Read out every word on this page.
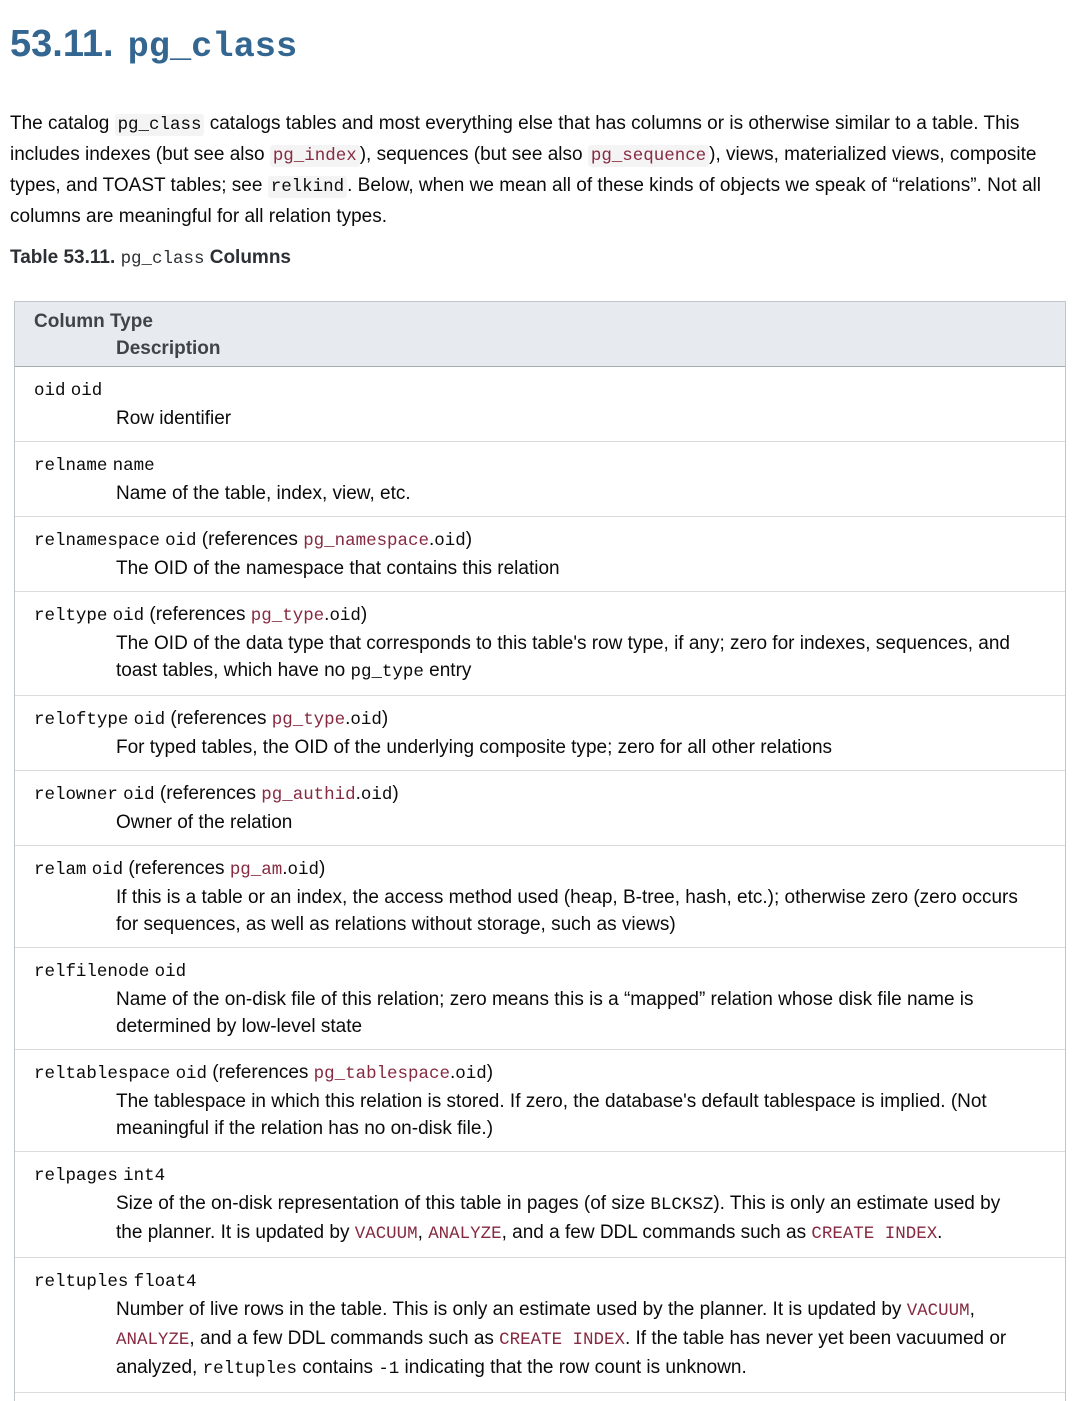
53.11. pg_class

The catalog pg_class catalogs tables and most everything else that has columns or is otherwise similar to a table. This includes indexes (but see also pg_index ), sequences (but see also pg_sequence ), views, materialized views, composite types, and TOAST tables; see relkind . Below, when we mean all of these kinds of objects we speak of “relations”. Not all columns are meaningful for all relation types.

Table 53.11. pg_class Columns

Column Type
Description
oid oid
Row identifier
relname name
Name of the table, index, view, etc.
relnamespace oid (references pg_namespace.oid)
The OID of the namespace that contains this relation
reltype oid (references pg_type.oid)
The OID of the data type that corresponds to this table's row type, if any; zero for indexes, sequences, and toast tables, which have no pg_type entry
reloftype oid (references pg_type.oid)
For typed tables, the OID of the underlying composite type; zero for all other relations
relowner oid (references pg_authid.oid)
Owner of the relation
relam oid (references pg_am.oid)
If this is a table or an index, the access method used (heap, B-tree, hash, etc.); otherwise zero (zero occurs for sequences, as well as relations without storage, such as views)
relfilenode oid
Name of the on-disk file of this relation; zero means this is a “mapped” relation whose disk file name is determined by low-level state
reltablespace oid (references pg_tablespace.oid)
The tablespace in which this relation is stored. If zero, the database's default tablespace is implied. (Not meaningful if the relation has no on-disk file.)
relpages int4
Size of the on-disk representation of this table in pages (of size BLCKSZ). This is only an estimate used by the planner. It is updated by VACUUM, ANALYZE, and a few DDL commands such as CREATE INDEX.
reltuples float4
Number of live rows in the table. This is only an estimate used by the planner. It is updated by VACUUM, ANALYZE, and a few DDL commands such as CREATE INDEX. If the table has never yet been vacuumed or analyzed, reltuples contains -1 indicating that the row count is unknown.
